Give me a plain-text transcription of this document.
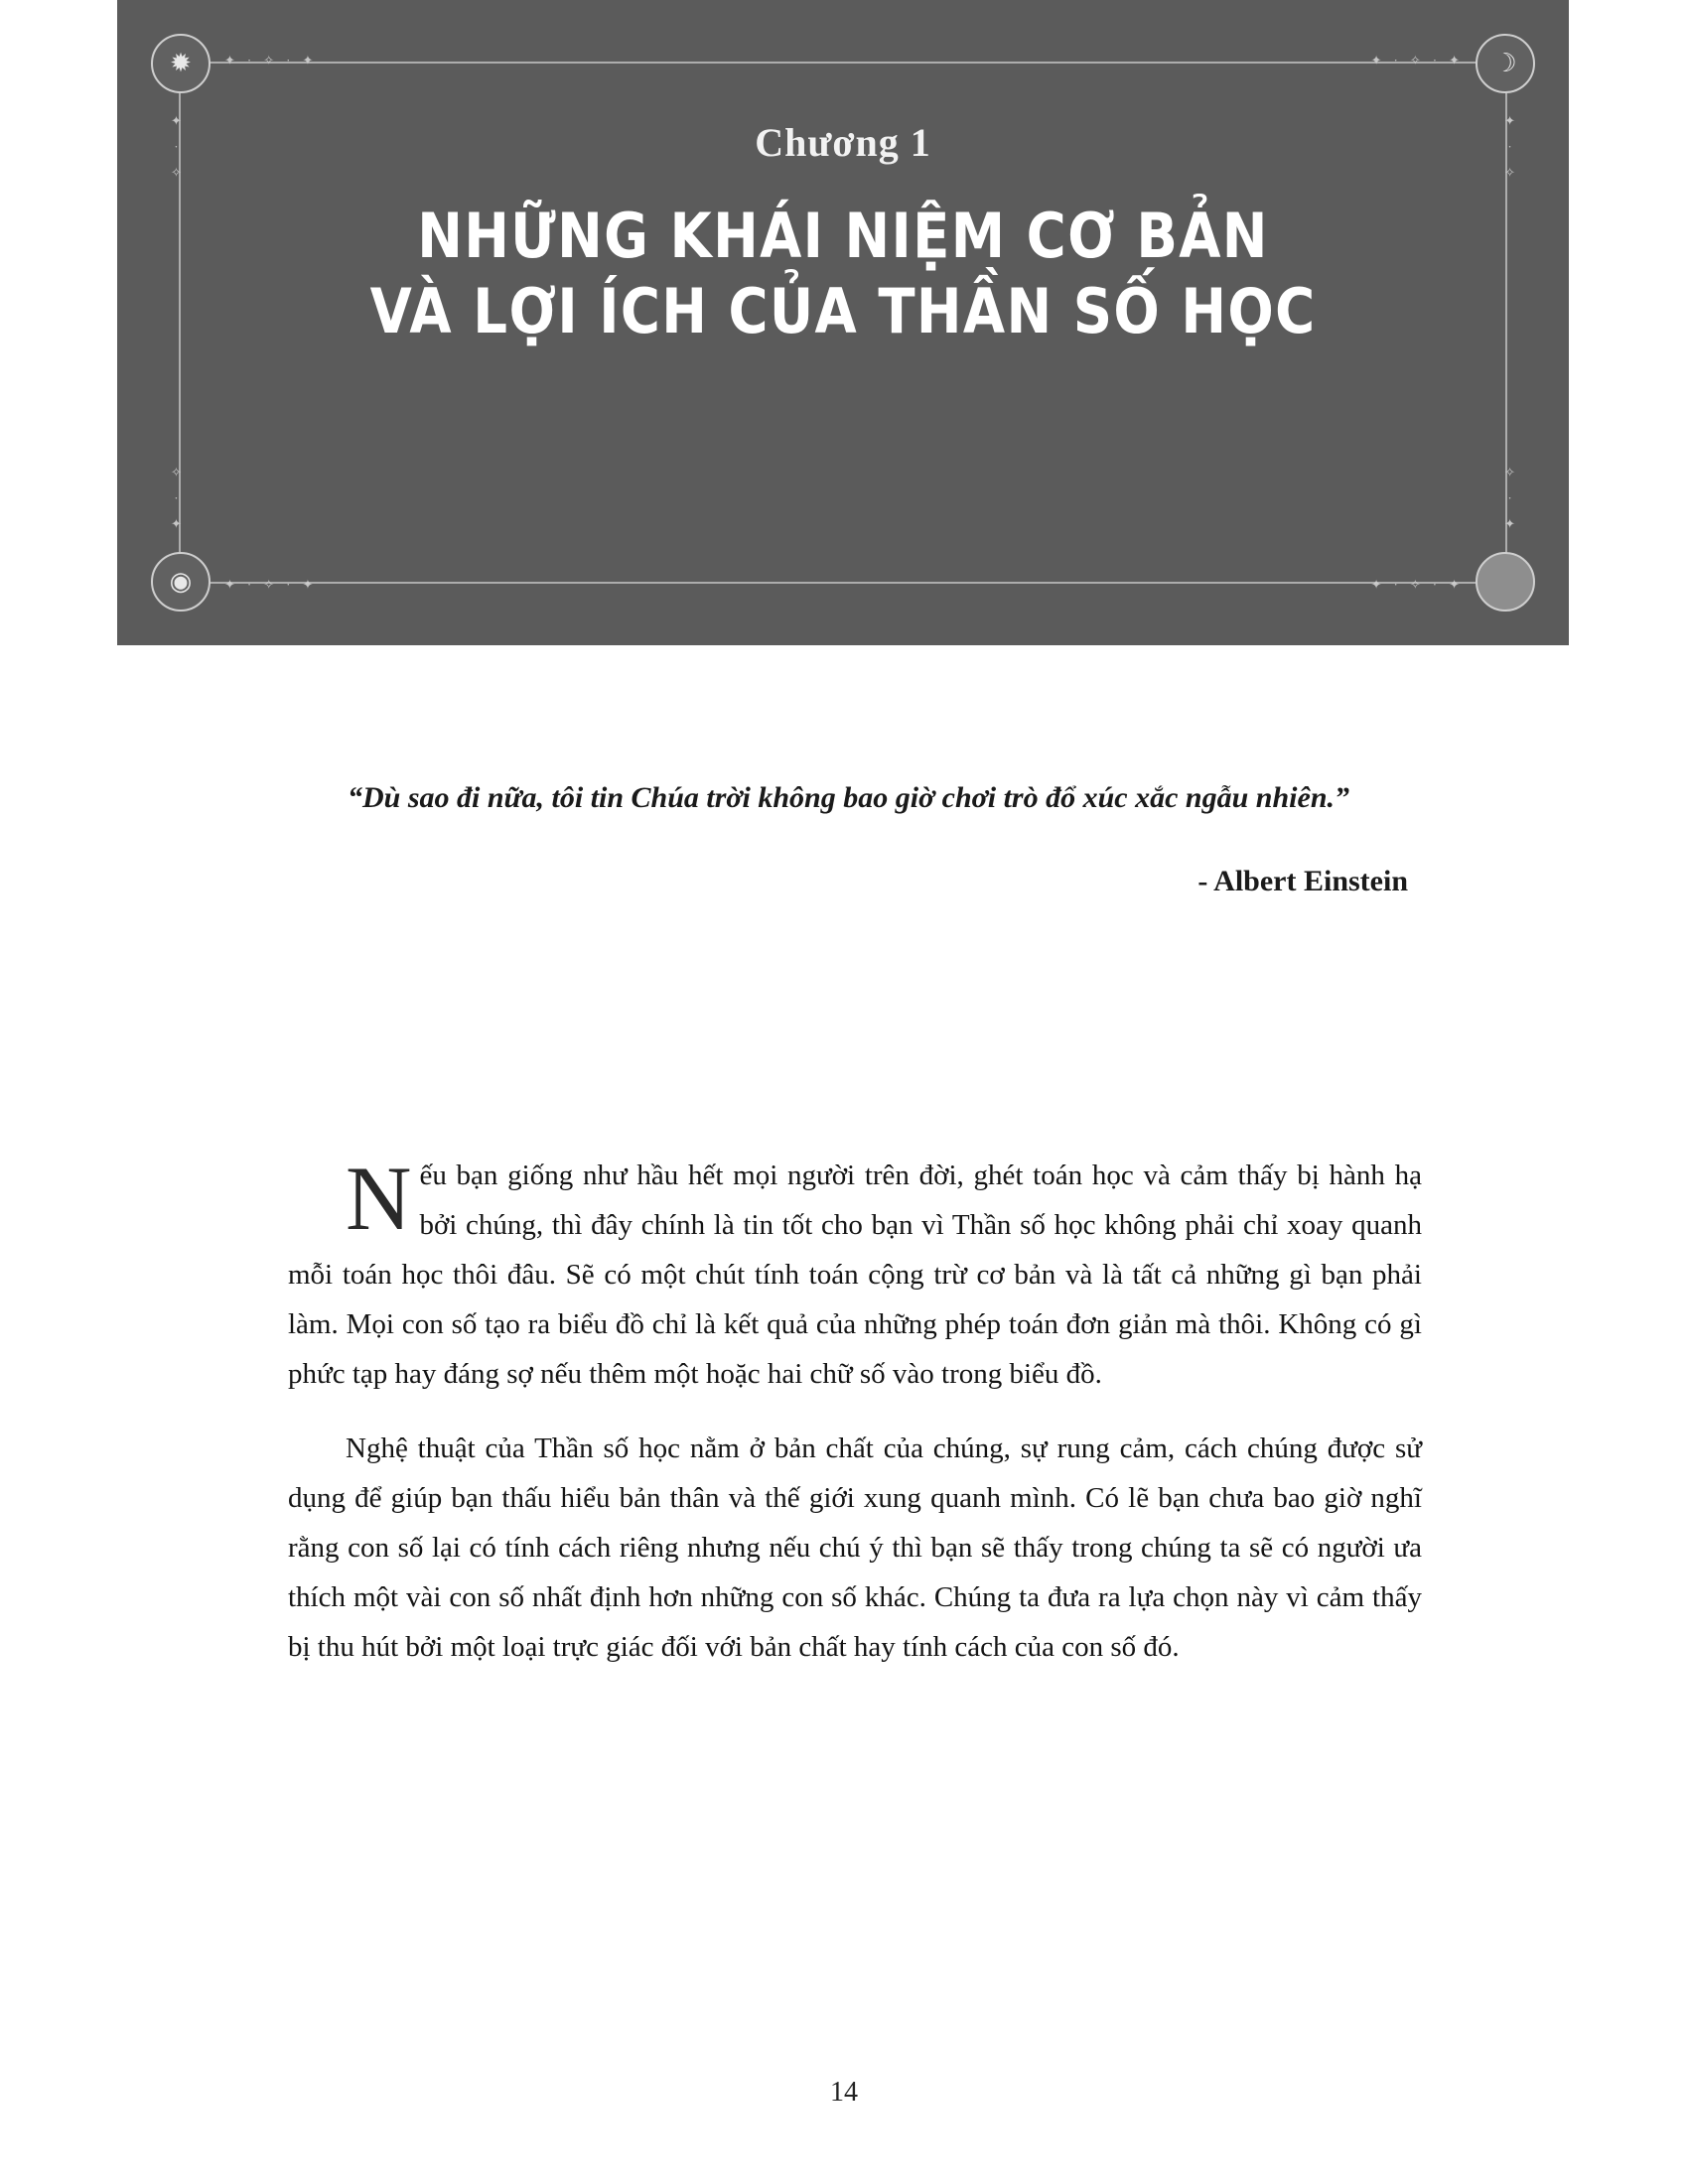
✹	☽
◉
✦ · ✧ · ✦	✦ · ✧ · ✦
✦ · ✧ · ✦	✦ · ✧ · ✦
✦
·
✧
✧
·
✦
✦
·
✧
✧
·
✦
Chương 1
NHỮNG KHÁI NIỆM CƠ BẢN
VÀ LỢI ÍCH CỦA THẦN SỐ HỌC
“Dù sao đi nữa, tôi tin Chúa trời không bao giờ chơi trò đổ xúc xắc ngẫu nhiên.”
- Albert Einstein

Nếu bạn giống như hầu hết mọi người trên đời, ghét toán học và cảm thấy bị hành hạ bởi chúng, thì đây chính là tin tốt cho bạn vì Thần số học không phải chỉ xoay quanh mỗi toán học thôi đâu. Sẽ có một chút tính toán cộng trừ cơ bản và là tất cả những gì bạn phải làm. Mọi con số tạo ra biểu đồ chỉ là kết quả của những phép toán đơn giản mà thôi. Không có gì phức tạp hay đáng sợ nếu thêm một hoặc hai chữ số vào trong biểu đồ.

Nghệ thuật của Thần số học nằm ở bản chất của chúng, sự rung cảm, cách chúng được sử dụng để giúp bạn thấu hiểu bản thân và thế giới xung quanh mình. Có lẽ bạn chưa bao giờ nghĩ rằng con số lại có tính cách riêng nhưng nếu chú ý thì bạn sẽ thấy trong chúng ta sẽ có người ưa thích một vài con số nhất định hơn những con số khác. Chúng ta đưa ra lựa chọn này vì cảm thấy bị thu hút bởi một loại trực giác đối với bản chất hay tính cách của con số đó.

14
